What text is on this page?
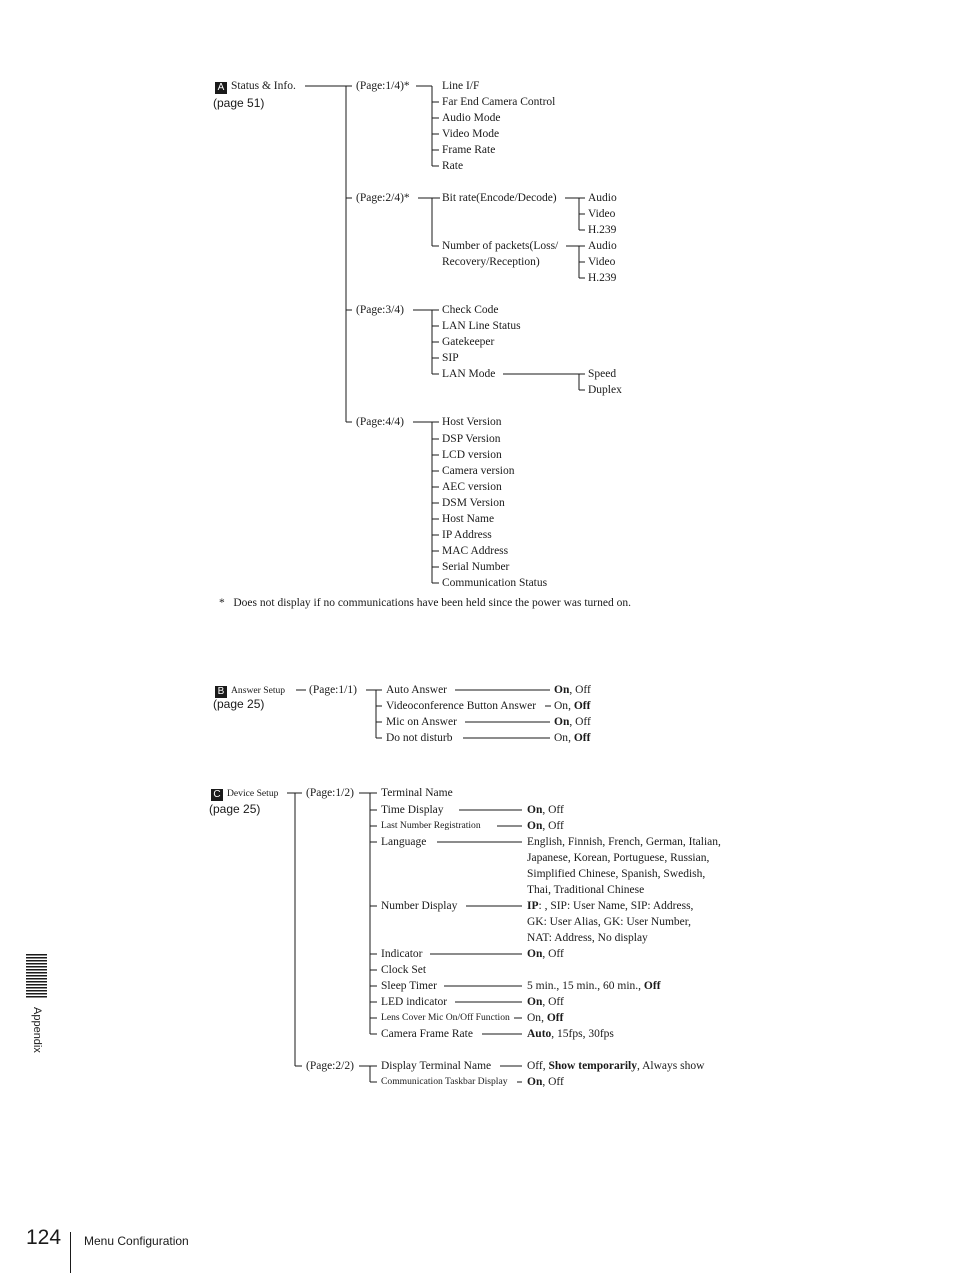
A Status & Info.
(page 51)
(Page:1/4)*
(Page:2/4)*
(Page:3/4)
(Page:4/4)
Line I/F
Far End Camera Control
Audio Mode
Video Mode
Frame Rate
Rate
Bit rate(Encode/Decode)
Number of packets(Loss/
Recovery/Reception)
Audio
Video
H.239
Audio
Video
H.239
Check Code
LAN Line Status
Gatekeeper
SIP
LAN Mode	Speed
Duplex
Host Version
DSP Version
LCD version
Camera version
AEC version
DSM Version
Host Name
IP Address
MAC Address
Serial Number
Communication Status
*   Does not display if no communications have been held since the power was turned on.
B Answer Setup
(page 25)
(Page:1/1)	Auto Answer
Videoconference Button Answer
Mic on Answer
Do not disturb
On, Off
On, Off
On, Off
On, Off
C Device Setup
(page 25)
(Page:1/2)
(Page:2/2)
Terminal Name
Time Display
Last Number Registration
Language
Number Display
Indicator
Clock Set
Sleep Timer
LED indicator
Lens Cover Mic On/Off Function
Camera Frame Rate
Display Terminal Name
Communication Taskbar Display
On, Off
On, Off
English, Finnish, French, German, Italian,
Japanese, Korean, Portuguese, Russian,
Simplified Chinese, Spanish, Swedish,
Thai, Traditional Chinese
IP: , SIP: User Name, SIP: Address,
GK: User Alias, GK: User Number,
NAT: Address, No display
On, Off
5 min., 15 min., 60 min., Off
On, Off
On, Off
Auto, 15fps, 30fps
Off, Show temporarily, Always show
On, Off
Appendix
124 Menu Configuration
